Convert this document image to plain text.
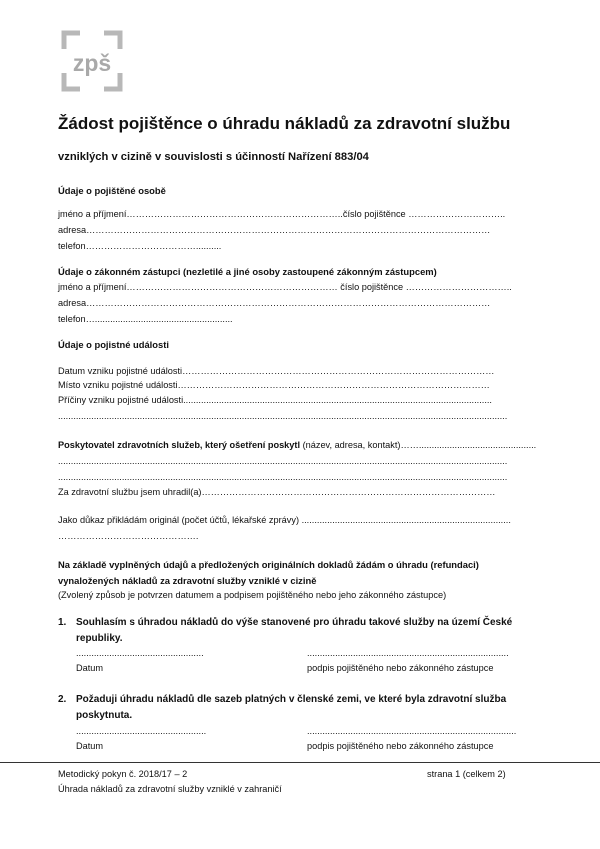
zpš
Žádost pojištěnce o úhradu nákladů za zdravotní službu
vzniklých v cizině v souvislosti s účinností Nařízení 883/04
Údaje o pojištěné osobě
jméno a příjmení……………………………………………………………..číslo pojištěnce …………………………..
adresa……………………………………………………………………………………………………………………
telefon………………………………..........
Údaje o zákonném zástupci (nezletilé a jiné osoby zastoupené zákonným zástupcem)
jméno a příjmení…………………………………………………………… číslo pojištěnce ……………………………..
adresa……………………………………………………………………………………………………………………
telefon…......................................................
Údaje o pojistné události
Datum vzniku pojistné události…………………………………………………………………………………………
Místo vzniku pojistné události…………………………………………………………………………………………
Příčiny vzniku pojistné události.........................................................................................................................
................................................................................................................................................................................
Poskytovatel zdravotních služeb, který ošetření poskytl (název, adresa, kontakt)……..............................................
................................................................................................................................................................................
................................................................................................................................................................................
Za zdravotní službu jsem uhradil(a)……………………………………………………………………………………
Jako důkaz přikládám originál (počet účtů, lékařské zprávy) ..................................................................................
……………………………………….
Na základě vyplněných údajů a předložených originálních dokladů žádám o úhradu (refundaci)
vynaložených nákladů za zdravotní služby vzniklé v cizině
(Zvolený způsob je potvrzen datumem a podpisem pojištěného nebo jeho zákonného zástupce)
1. Souhlasím s úhradou nákladů do výše stanovené pro úhradu takové služby na území České republiky.
..................................................	...............................................................................
Datum	podpis pojištěného nebo zákonného zástupce
2. Požaduji úhradu nákladů dle sazeb platných v členské zemi, ve které byla zdravotní služba poskytnuta.
...................................................	..................................................................................
Datum	podpis pojištěného nebo zákonného zástupce
Metodický pokyn č. 2018/17 – 2	strana 1 (celkem 2)
Úhrada nákladů za zdravotní služby vzniklé v zahraničí
